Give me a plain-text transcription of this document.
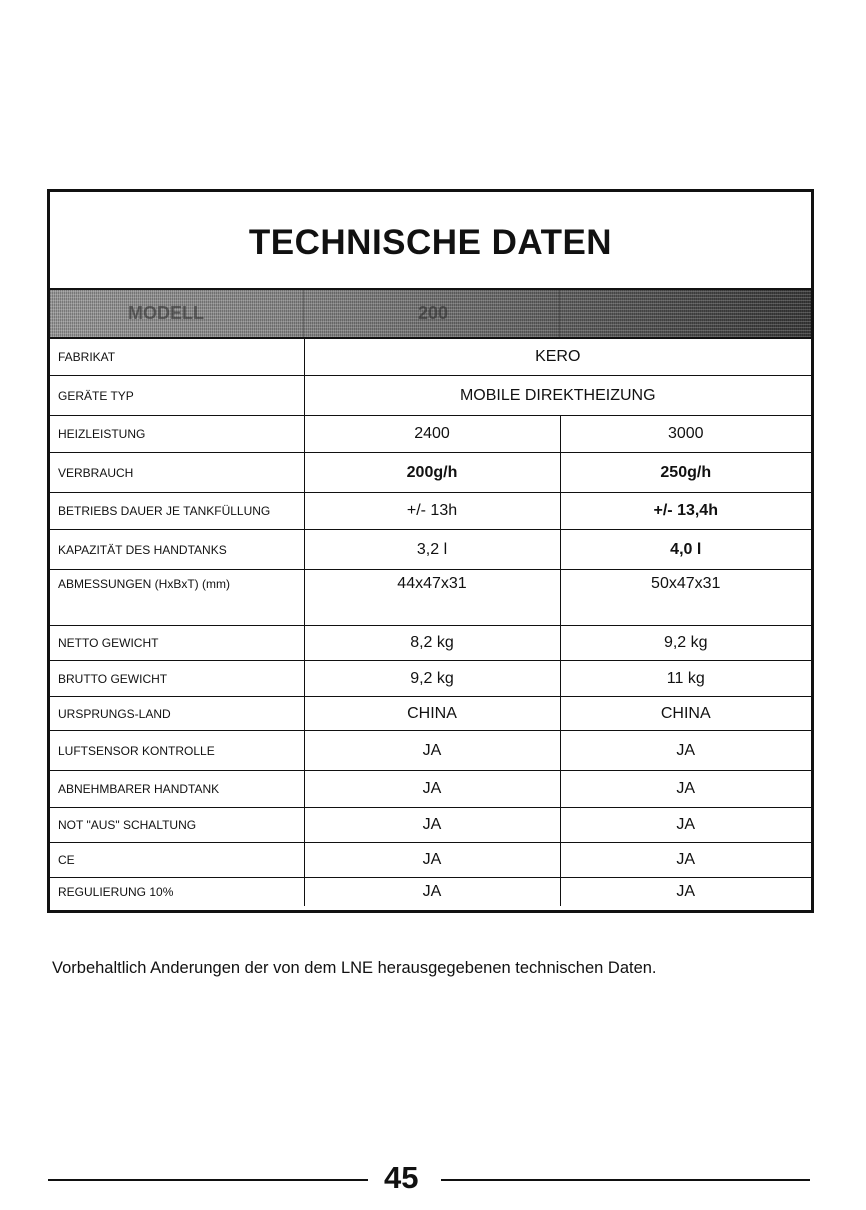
TECHNISCHE DATEN
MODELL	200
FABRIKAT	KERO	
GERÄTE TYP	MOBILE DIREKTHEIZUNG	
HEIZLEISTUNG	2400	3000
VERBRAUCH	200g/h	250g/h
BETRIEBS DAUER JE TANKFÜLLUNG	+/- 13h	+/- 13,4h
KAPAZITÄT DES HANDTANKS	3,2 l	4,0 l
ABMESSUNGEN (HxBxT) (mm)	44x47x31	50x47x31
NETTO GEWICHT	8,2 kg	9,2 kg
BRUTTO GEWICHT	9,2 kg	11 kg
URSPRUNGS-LAND	CHINA	CHINA
LUFTSENSOR KONTROLLE	JA	JA
ABNEHMBARER HANDTANK	JA	JA
NOT "AUS" SCHALTUNG	JA	JA
CE	JA	JA
REGULIERUNG 10%	JA	JA

Vorbehaltlich Anderungen der von dem LNE herausgegebenen technischen Daten.

45
